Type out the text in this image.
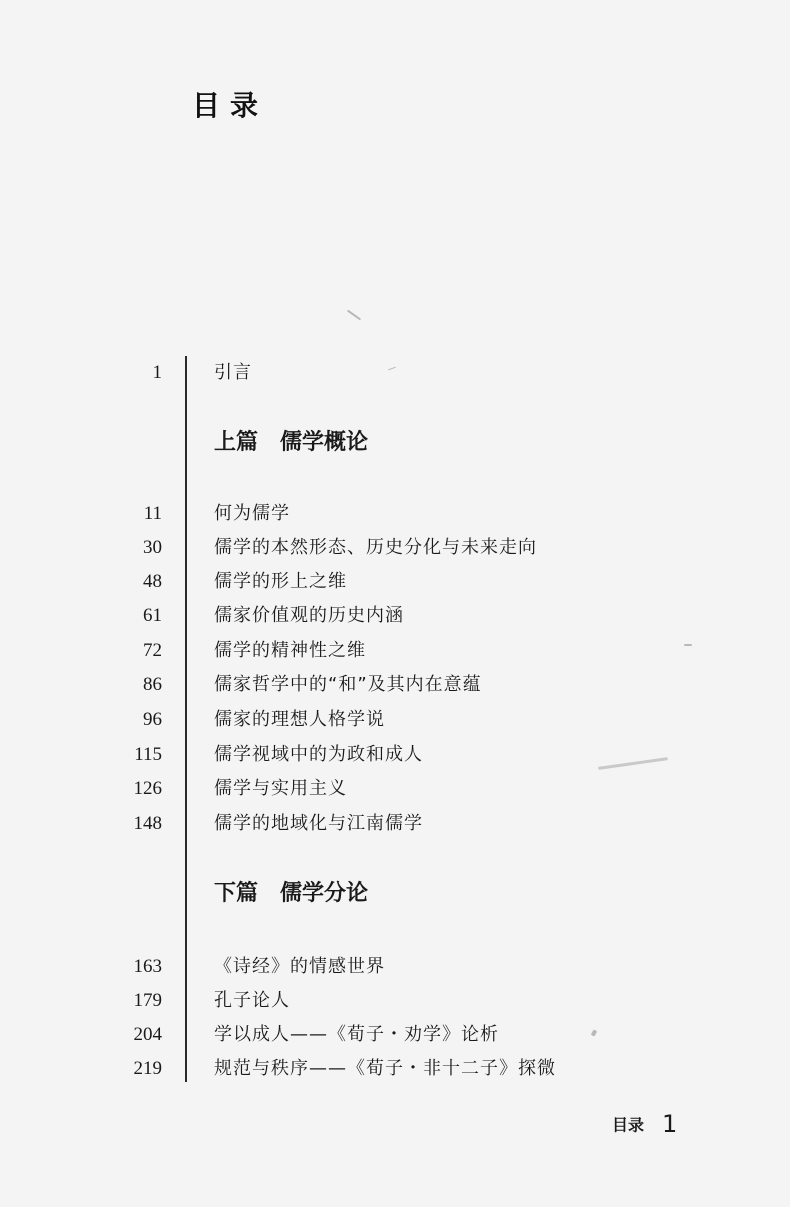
目录
1	引言
上篇 儒学概论
11	何为儒学
30	儒学的本然形态、历史分化与未来走向
48	儒学的形上之维
61	儒家价值观的历史内涵
72	儒学的精神性之维
86	儒家哲学中的“和”及其内在意蕴
96	儒家的理想人格学说
115	儒学视域中的为政和成人
126	儒学与实用主义
148	儒学的地域化与江南儒学
下篇 儒学分论
163	《诗经》的情感世界
179	孔子论人
204	学以成人——《荀子・劝学》论析
219	规范与秩序——《荀子・非十二子》探微
目录 1
